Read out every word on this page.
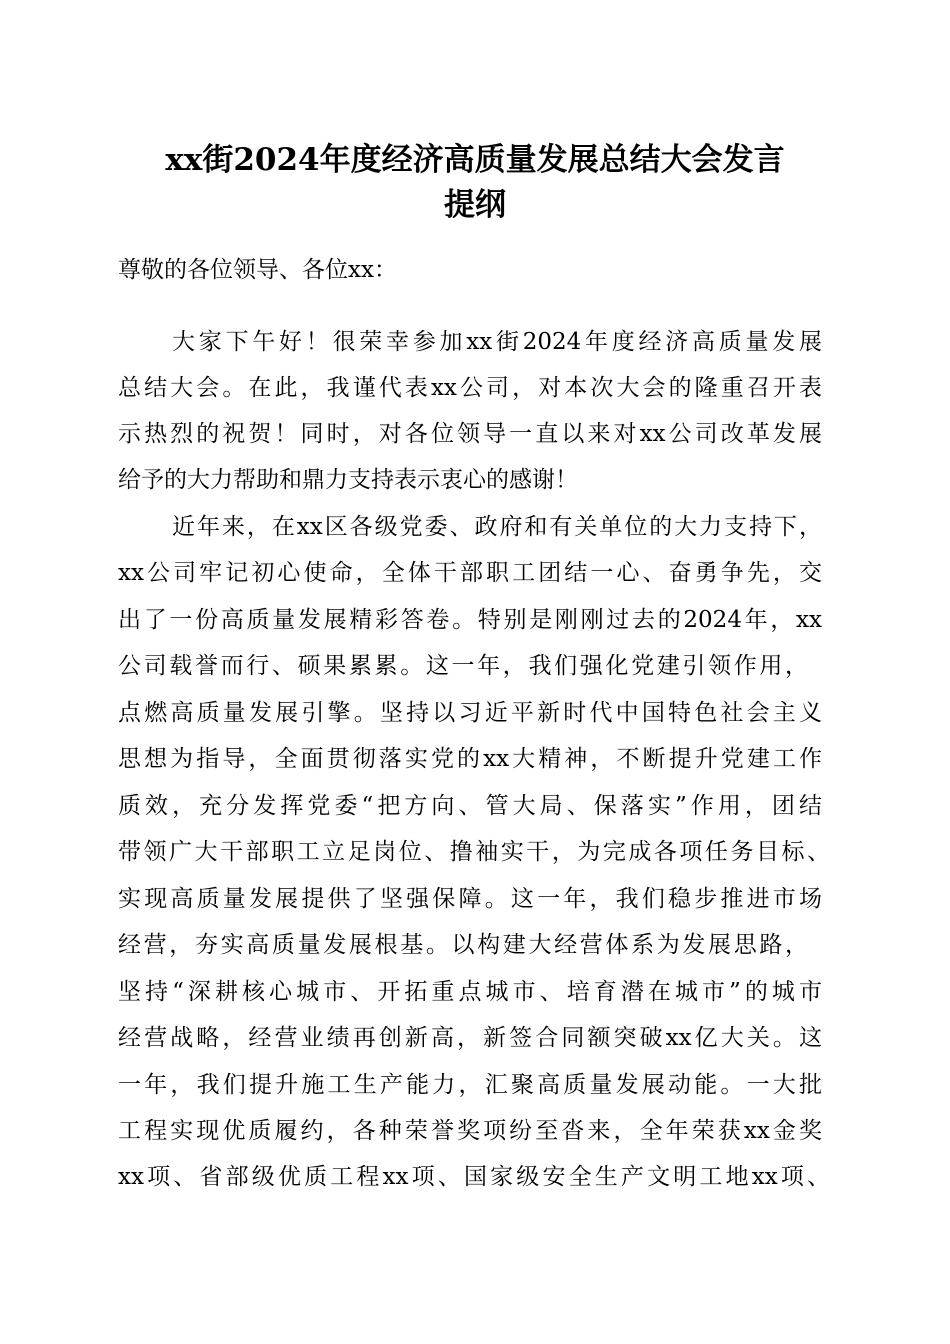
xx街2024年度经济高质量发展总结大会发言
提纲
尊敬的各位领导、各位xx：
大家下午好！很荣幸参加xx街2024年度经济高质量发展
总结大会。在此，我谨代表xx公司，对本次大会的隆重召开表
示热烈的祝贺！同时，对各位领导一直以来对xx公司改革发展
给予的大力帮助和鼎力支持表示衷心的感谢！
近年来，在xx区各级党委、政府和有关单位的大力支持下，
xx公司牢记初心使命，全体干部职工团结一心、奋勇争先，交
出了一份高质量发展精彩答卷。特别是刚刚过去的2024年，xx
公司载誉而行、硕果累累。这一年，我们强化党建引领作用，
点燃高质量发展引擎。坚持以习近平新时代中国特色社会主义
思想为指导，全面贯彻落实党的xx大精神，不断提升党建工作
质效，充分发挥党委“把方向、管大局、保落实”作用，团结
带领广大干部职工立足岗位、撸袖实干，为完成各项任务目标、
实现高质量发展提供了坚强保障。这一年，我们稳步推进市场
经营，夯实高质量发展根基。以构建大经营体系为发展思路，
坚持“深耕核心城市、开拓重点城市、培育潜在城市”的城市
经营战略，经营业绩再创新高，新签合同额突破xx亿大关。这
一年，我们提升施工生产能力，汇聚高质量发展动能。一大批
工程实现优质履约，各种荣誉奖项纷至沓来，全年荣获xx金奖
xx项、省部级优质工程xx项、国家级安全生产文明工地xx项、
